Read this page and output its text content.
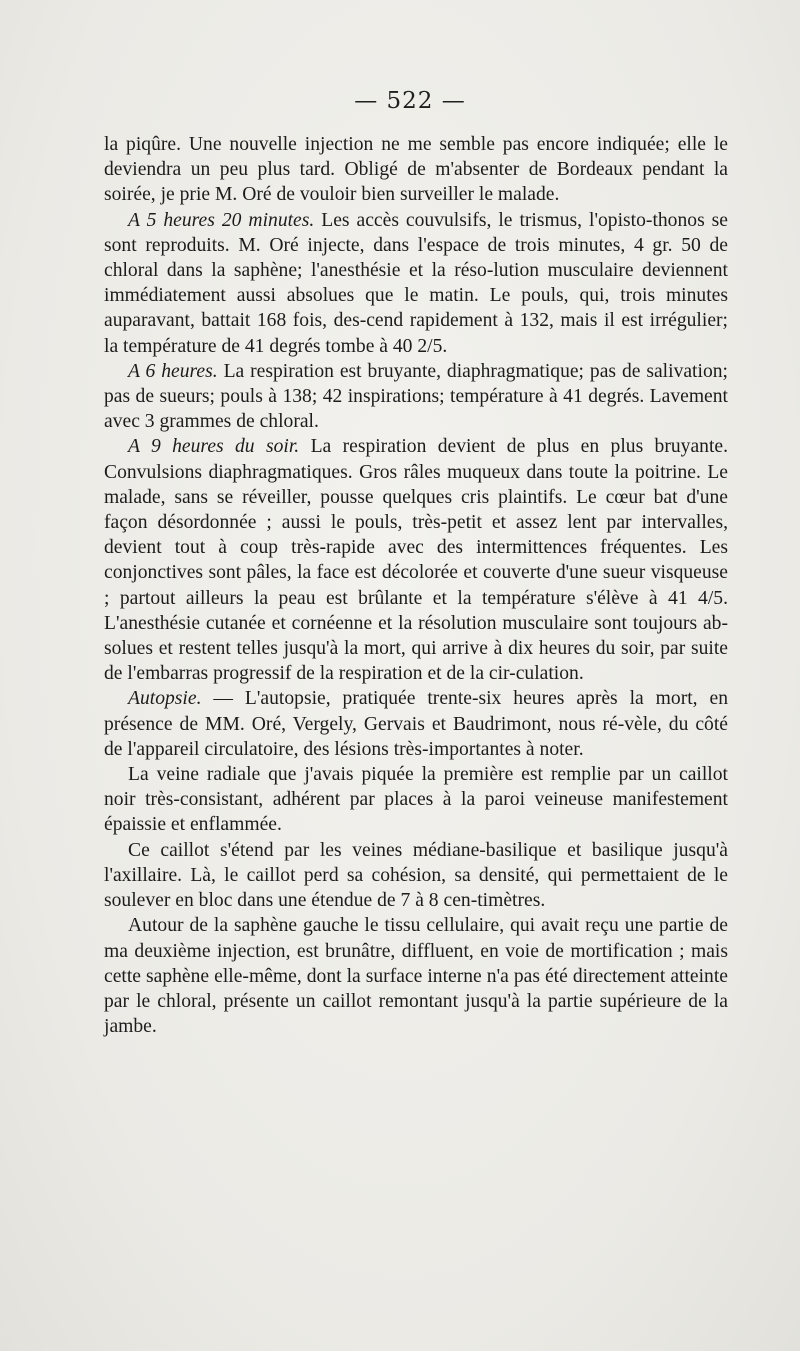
— 522 —

la piqûre. Une nouvelle injection ne me semble pas encore indiquée; elle le deviendra un peu plus tard. Obligé de m'absenter de Bordeaux pendant la soirée, je prie M. Oré de vouloir bien surveiller le malade.

A 5 heures 20 minutes. Les accès couvulsifs, le trismus, l'opisto-thonos se sont reproduits. M. Oré injecte, dans l'espace de trois minutes, 4 gr. 50 de chloral dans la saphène; l'anesthésie et la réso-lution musculaire deviennent immédiatement aussi absolues que le matin. Le pouls, qui, trois minutes auparavant, battait 168 fois, des-cend rapidement à 132, mais il est irrégulier; la température de 41 degrés tombe à 40 2/5.

A 6 heures. La respiration est bruyante, diaphragmatique; pas de salivation; pas de sueurs; pouls à 138; 42 inspirations; température à 41 degrés. Lavement avec 3 grammes de chloral.

A 9 heures du soir. La respiration devient de plus en plus bruyante. Convulsions diaphragmatiques. Gros râles muqueux dans toute la poitrine. Le malade, sans se réveiller, pousse quelques cris plaintifs. Le cœur bat d'une façon désordonnée ; aussi le pouls, très-petit et assez lent par intervalles, devient tout à coup très-rapide avec des intermittences fréquentes. Les conjonctives sont pâles, la face est décolorée et couverte d'une sueur visqueuse ; partout ailleurs la peau est brûlante et la température s'élève à 41 4/5. L'anesthésie cutanée et cornéenne et la résolution musculaire sont toujours ab-solues et restent telles jusqu'à la mort, qui arrive à dix heures du soir, par suite de l'embarras progressif de la respiration et de la cir-culation.

Autopsie. — L'autopsie, pratiquée trente-six heures après la mort, en présence de MM. Oré, Vergely, Gervais et Baudrimont, nous ré-vèle, du côté de l'appareil circulatoire, des lésions très-importantes à noter.

La veine radiale que j'avais piquée la première est remplie par un caillot noir très-consistant, adhérent par places à la paroi veineuse manifestement épaissie et enflammée.

Ce caillot s'étend par les veines médiane-basilique et basilique jusqu'à l'axillaire. Là, le caillot perd sa cohésion, sa densité, qui permettaient de le soulever en bloc dans une étendue de 7 à 8 cen-timètres.

Autour de la saphène gauche le tissu cellulaire, qui avait reçu une partie de ma deuxième injection, est brunâtre, diffluent, en voie de mortification ; mais cette saphène elle-même, dont la surface interne n'a pas été directement atteinte par le chloral, présente un caillot remontant jusqu'à la partie supérieure de la jambe.
